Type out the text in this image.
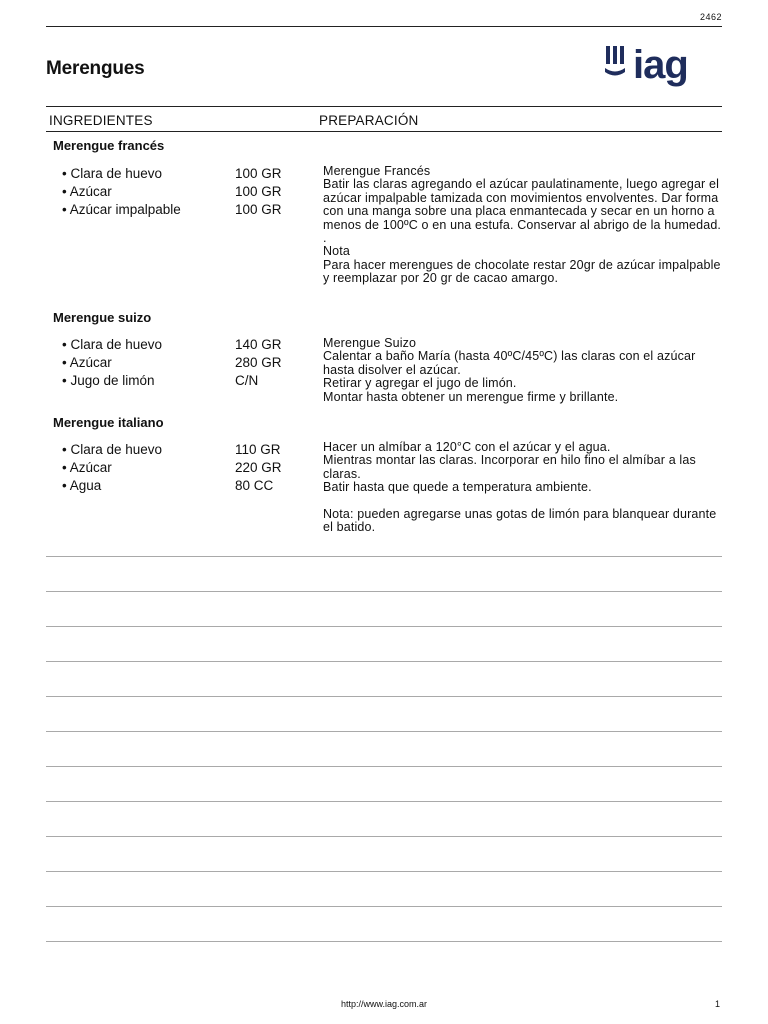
2462
Merengues	iag
INGREDIENTES	PREPARACIÓN
Merengue francés
• Clara de huevo	100 GR
• Azúcar	100 GR
• Azúcar impalpable	100 GR

Merengue Francés

Batir las claras agregando el azúcar paulatinamente, luego agregar el azúcar impalpable tamizada con movimientos envolventes. Dar forma con una manga sobre una placa enmantecada y secar en un horno a menos de 100ºC o en una estufa. Conservar al abrigo de la humedad.

.

Nota

Para hacer merengues de chocolate restar 20gr de azúcar impalpable y reemplazar por 20 gr de cacao amargo.

Merengue suizo
• Clara de huevo	140 GR
• Azúcar	280 GR
• Jugo de limón	C/N

Merengue Suizo

Calentar a baño María (hasta 40ºC/45ºC) las claras con el azúcar hasta disolver el azúcar.

Retirar y agregar el jugo de limón.

Montar hasta obtener un merengue firme y brillante.

Merengue italiano
• Clara de huevo	110 GR
• Azúcar	220 GR
• Agua	80 CC

Hacer un almíbar a 120°C con el azúcar y el agua.

Mientras montar las claras. Incorporar en hilo fino el almíbar a las claras.

Batir hasta que quede a temperatura ambiente.

Nota: pueden agregarse unas gotas de limón para blanquear durante el batido.

http://www.iag.com.ar	1
